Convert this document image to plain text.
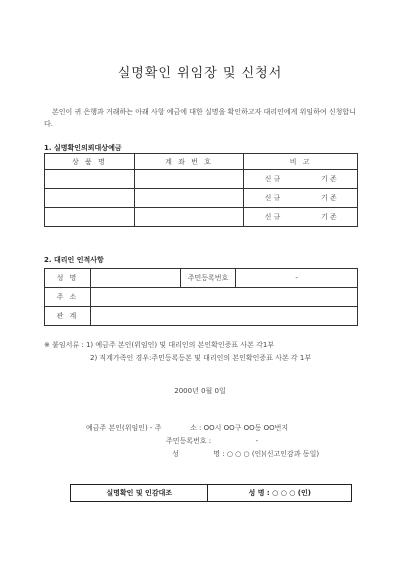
실명확인 위임장 및 신청서
본인이 귀 은행과 거래하는 아래 사항 예금에 대한 실명을 확인하고자 대리인에게 위임하여 신청합니다.
1. 실명확인의뢰대상예금
상 품 명	계 좌 번 호	비 고	
		신 규	기 존
		신 규	기 존
		신 규	기 존
2. 대리인 인적사항
성 명		주민등록번호	-
주 소			
관 계			
※ 붙임서류 : 1) 예금주 본인(위임인) 및 대리인의 본인확인증표 사본 각1부
2) 직계가족인 경우:주민등록등본 및 대리인의 본인확인증표 사본 각 1부
2000년 0월 0일
예금주 본인(위임인) - 주	소 : OO시 OO구 OO동 OO번지
주민등록번호 :	-
성	명 : ○ ○ ○ (인)(신고인감과 동일)
실명확인 및 인감대조	성 명 : ○ ○ ○ (인)
